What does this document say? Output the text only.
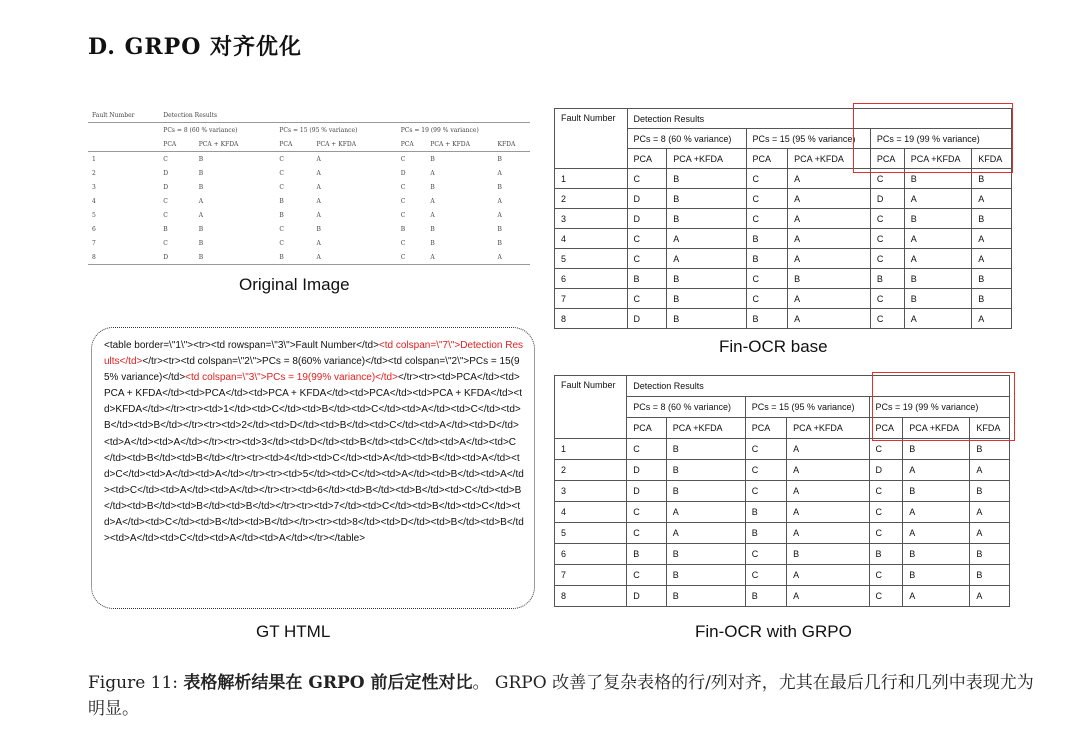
D. GRPO 对齐优化
Fault Number	Detection Results						
	PCs = 8 (60 % variance)		PCs = 15 (95 % variance)		PCs = 19 (99 % variance)		
	PCA	PCA + KFDA	PCA	PCA + KFDA	PCA	PCA + KFDA	KFDA
1	C	B	C	A	C	B	B
2	D	B	C	A	D	A	A
3	D	B	C	A	C	B	B
4	C	A	B	A	C	A	A
5	C	A	B	A	C	A	A
6	B	B	C	B	B	B	B
7	C	B	C	A	C	B	B
8	D	B	B	A	C	A	A
Original Image
Fault Number	Detection Results						
	PCs = 8 (60 % variance)		PCs = 15 (95 % variance)		PCs = 19 (99 % variance)		
	PCA	PCA +KFDA	PCA	PCA +KFDA	PCA	PCA +KFDA	KFDA
1	C	B	C	A	C	B	B
2	D	B	C	A	D	A	A
3	D	B	C	A	C	B	B
4	C	A	B	A	C	A	A
5	C	A	B	A	C	A	A
6	B	B	C	B	B	B	B
7	C	B	C	A	C	B	B
8	D	B	B	A	C	A	A
Fin-OCR base
<table border=\"1\"><tr><td rowspan=\"3\">Fault Number</td><td colspan=\"7\">Detection Results</td></tr><tr><td colspan=\"2\">PCs = 8(60% variance)</td><td colspan=\"2\">PCs = 15(95% variance)</td><td colspan=\"3\">PCs = 19(99% variance)</td></tr><tr><td>PCA</td><td>PCA + KFDA</td><td>PCA</td><td>PCA + KFDA</td><td>PCA</td><td>PCA + KFDA</td><td>KFDA</td></tr><tr><td>1</td><td>C</td><td>B</td><td>C</td><td>A</td><td>C</td><td>B</td><td>B</td></tr><tr><td>2</td><td>D</td><td>B</td><td>C</td><td>A</td><td>D</td><td>A</td><td>A</td></tr><tr><td>3</td><td>D</td><td>B</td><td>C</td><td>A</td><td>C</td><td>B</td><td>B</td></tr><tr><td>4</td><td>C</td><td>A</td><td>B</td><td>A</td><td>C</td><td>A</td><td>A</td></tr><tr><td>5</td><td>C</td><td>A</td><td>B</td><td>A</td><td>C</td><td>A</td><td>A</td></tr><tr><td>6</td><td>B</td><td>B</td><td>C</td><td>B</td><td>B</td><td>B</td><td>B</td></tr><tr><td>7</td><td>C</td><td>B</td><td>C</td><td>A</td><td>C</td><td>B</td><td>B</td></tr><tr><td>8</td><td>D</td><td>B</td><td>B</td><td>A</td><td>C</td><td>A</td><td>A</td></tr></table>
GT HTML
Fault Number	Detection Results						
	PCs = 8 (60 % variance)		PCs = 15 (95 % variance)		PCs = 19 (99 % variance)		
	PCA	PCA +KFDA	PCA	PCA +KFDA	PCA	PCA +KFDA	KFDA
1	C	B	C	A	C	B	B
2	D	B	C	A	D	A	A
3	D	B	C	A	C	B	B
4	C	A	B	A	C	A	A
5	C	A	B	A	C	A	A
6	B	B	C	B	B	B	B
7	C	B	C	A	C	B	B
8	D	B	B	A	C	A	A
Fin-OCR with GRPO
Figure 11: 表格解析结果在 GRPO 前后定性对比。 GRPO 改善了复杂表格的行/列对齐，尤其在最后几行和几列中表现尤为明显。
